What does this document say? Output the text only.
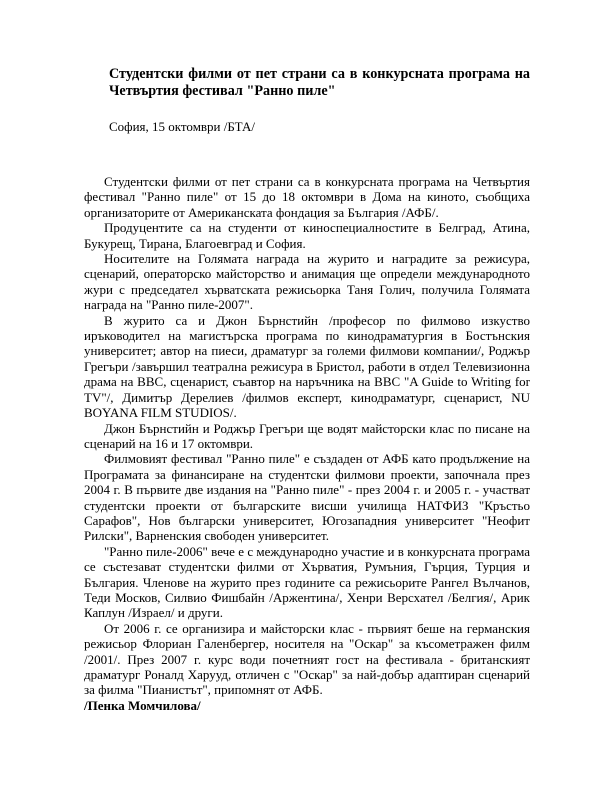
Студентски филми от пет страни са в конкурсната програма на Четвъртия фестивал "Ранно пиле"
София, 15 октомври /БТА/

Студентски филми от пет страни са в конкурсната програма на Четвъртия фестивал "Ранно пиле" от 15 до 18 октомври в Дома на киното, съобщиха организаторите от Американската фондация за България /АФБ/.

Продуцентите са на студенти от киноспециалностите в Белград, Атина, Букурещ, Тирана, Благоевград и София.

Носителите на Голямата награда на журито и наградите за режисура, сценарий, операторско майсторство и анимация ще определи международното жури с председател хърватската режисьорка Таня Голич, получила Голямата награда на "Ранно пиле-2007".

В журито са и Джон Бърнстийн /професор по филмово изкуство иръководител на магистърска програма по кинодраматургия в Бостънския университет; автор на пиеси, драматург за големи филмови компании/, Роджър Грегъри /завършил театрална режисура в Бристол, работи в отдел Телевизионна драма на BBC, сценарист, съавтор на наръчника на BBC "A Guide to Writing for TV"/, Димитър Дерелиев /филмов експерт, кинодраматург, сценарист, NU BOYANA FILM STUDIOS/.

Джон Бърнстийн и Роджър Грегъри ще водят майсторски клас по писане на сценарий на 16 и 17 октомври.

Филмовият фестивал "Ранно пиле" е създаден от АФБ като продължение на Програмата за финансиране на студентски филмови проекти, започнала през 2004 г. В първите две издания на "Ранно пиле" - през 2004 г. и 2005 г. - участват студентски проекти от българските висши училища НАТФИЗ "Кръстьо Сарафов", Нов български университет, Югозападния университет "Неофит Рилски", Варненския свободен университет.

"Ранно пиле-2006" вече е с международно участие и в конкурсната програма се състезават студентски филми от Хърватия, Румъния, Гърция, Турция и България. Членове на журито през годините са режисьорите Рангел Вълчанов, Теди Москов, Силвио Фишбайн /Аржентина/, Хенри Версхател /Белгия/, Арик Каплун /Израел/ и други.

От 2006 г. се организира и майсторски клас - първият беше на германския режисьор Флориан Галенбергер, носителя на "Оскар" за късометражен филм /2001/. През 2007 г. курс води почетният гост на фестивала - британският драматург Роналд Харууд, отличен с "Оскар" за най-добър адаптиран сценарий за филма "Пианистът", припомнят от АФБ.

/Пенка Момчилова/
